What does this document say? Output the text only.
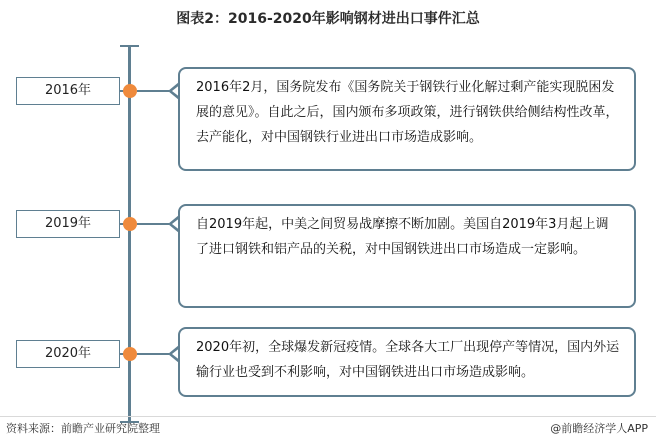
图表2：2016-2020年影响钢材进出口事件汇总
2016年	2016年2月，国务院发布《国务院关于钢铁行业化解过剩产能实现脱困发展的意见》。自此之后，国内颁布多项政策，进行钢铁供给侧结构性改革，去产能化，对中国钢铁行业进出口市场造成影响。
2019年	自2019年起，中美之间贸易战摩擦不断加剧。美国自2019年3月起上调了进口钢铁和铝产品的关税，对中国钢铁进出口市场造成一定影响。
2020年	2020年初，全球爆发新冠疫情。全球各大工厂出现停产等情况，国内外运输行业也受到不利影响，对中国钢铁进出口市场造成影响。
资料来源：前瞻产业研究院整理	@前瞻经济学人APP
